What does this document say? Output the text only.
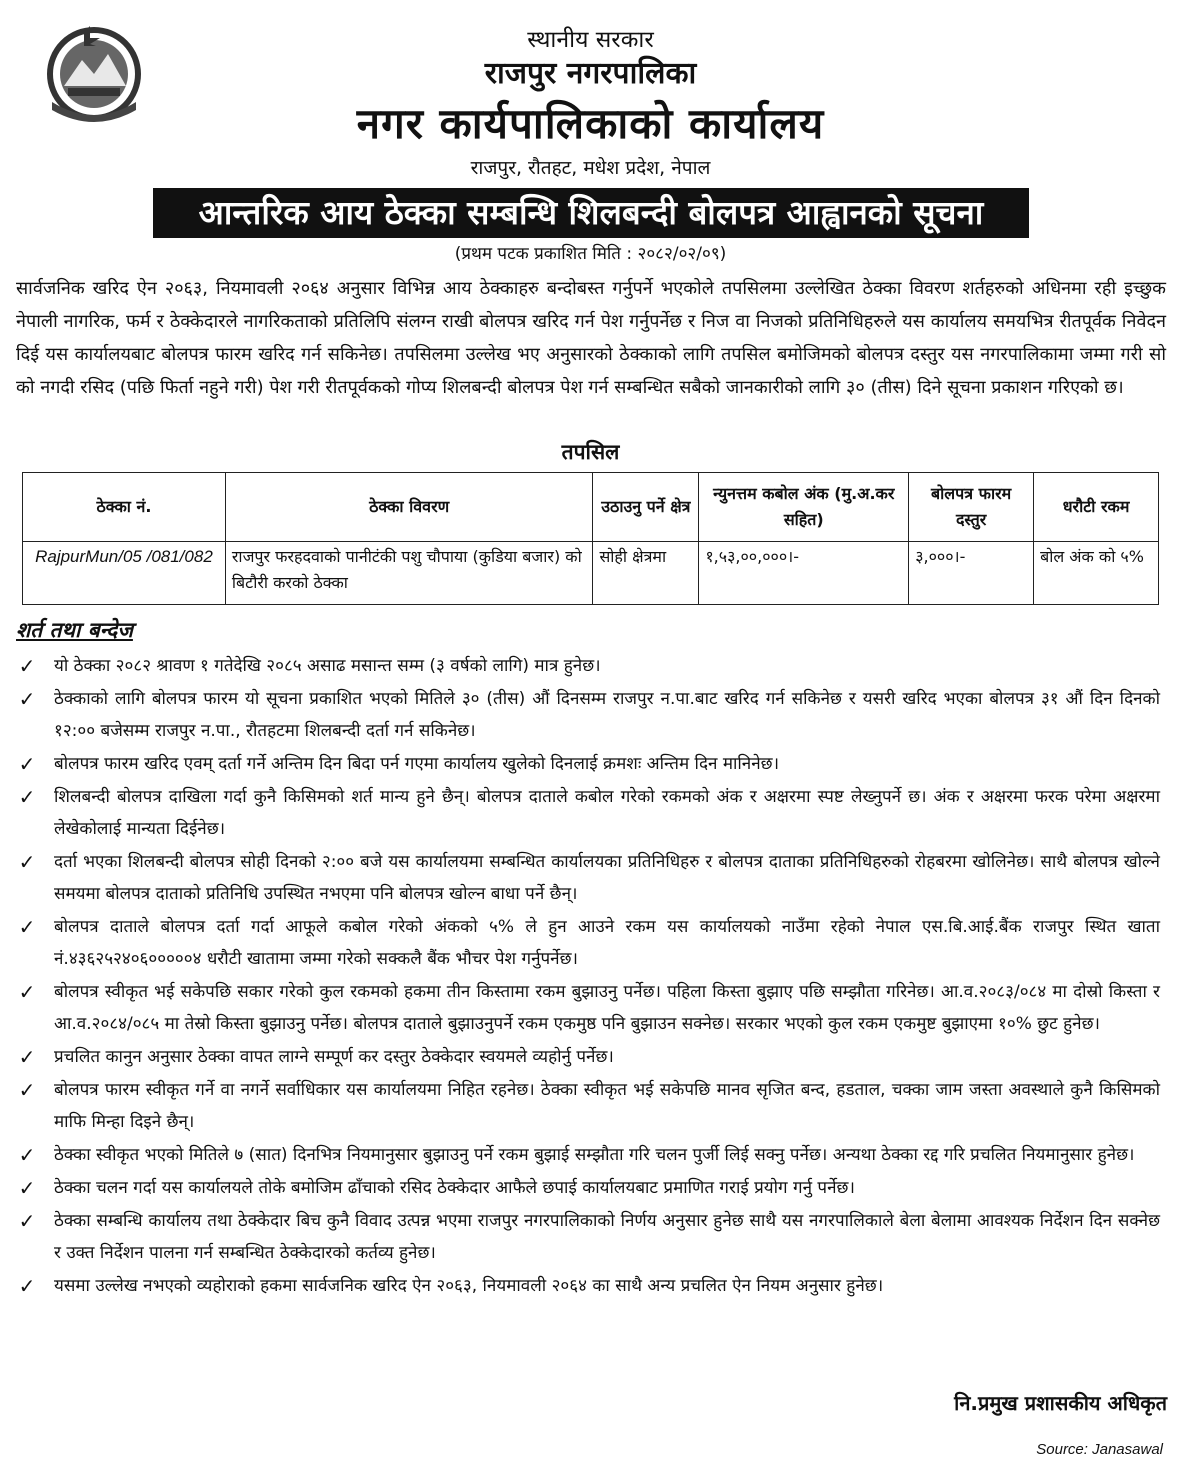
स्थानीय सरकार
राजपुर नगरपालिका
नगर कार्यपालिकाको कार्यालय
राजपुर, रौतहट, मधेश प्रदेश, नेपाल
आन्तरिक आय ठेक्का सम्बन्धि शिलबन्दी बोलपत्र आह्वानको सूचना
(प्रथम पटक प्रकाशित मिति : २०८२/०२/०९)

सार्वजनिक खरिद ऐन २०६३, नियमावली २०६४ अनुसार विभिन्न आय ठेक्काहरु बन्दोबस्त गर्नुपर्ने भएकोले तपसिलमा उल्लेखित ठेक्का विवरण शर्तहरुको अधिनमा रही इच्छुक नेपाली नागरिक, फर्म र ठेक्केदारले नागरिकताको प्रतिलिपि संलग्न राखी बोलपत्र खरिद गर्न पेश गर्नुपर्नेछ र निज वा निजको प्रतिनिधिहरुले यस कार्यालय समयभित्र रीतपूर्वक निवेदन दिई यस कार्यालयबाट बोलपत्र फारम खरिद गर्न सकिनेछ। तपसिलमा उल्लेख भए अनुसारको ठेक्काको लागि तपसिल बमोजिमको बोलपत्र दस्तुर यस नगरपालिकामा जम्मा गरी सो को नगदी रसिद (पछि फिर्ता नहुने गरी) पेश गरी रीतपूर्वकको गोप्य शिलबन्दी बोलपत्र पेश गर्न सम्बन्धित सबैको जानकारीको लागि ३० (तीस) दिने सूचना प्रकाशन गरिएको छ।

तपसिल
ठेक्का नं.	ठेक्का विवरण	उठाउनु पर्ने क्षेत्र	न्युनत्तम कबोल अंक (मु.अ.कर सहित)	बोलपत्र फारम दस्तुर	धरौटी रकम
RajpurMun/05 /081/082	राजपुर फरहदवाको पानीटंकी पशु चौपाया (कुडिया बजार) को बिटौरी करको ठेक्का	सोही क्षेत्रमा	१,५३,००,०००।-	३,०००।-	बोल अंक को ५%
शर्त तथा बन्देज
✓ यो ठेक्का २०८२ श्रावण १ गतेदेखि २०८५ असाढ मसान्त सम्म (३ वर्षको लागि) मात्र हुनेछ।
✓ ठेक्काको लागि बोलपत्र फारम यो सूचना प्रकाशित भएको मितिले ३० (तीस) औं दिनसम्म राजपुर न.पा.बाट खरिद गर्न सकिनेछ र यसरी खरिद भएका बोलपत्र ३१ औं दिन दिनको १२:०० बजेसम्म राजपुर न.पा., रौतहटमा शिलबन्दी दर्ता गर्न सकिनेछ।
✓ बोलपत्र फारम खरिद एवम् दर्ता गर्ने अन्तिम दिन बिदा पर्न गएमा कार्यालय खुलेको दिनलाई क्रमशः अन्तिम दिन मानिनेछ।
✓ शिलबन्दी बोलपत्र दाखिला गर्दा कुनै किसिमको शर्त मान्य हुने छैन्। बोलपत्र दाताले कबोल गरेको रकमको अंक र अक्षरमा स्पष्ट लेख्नुपर्ने छ। अंक र अक्षरमा फरक परेमा अक्षरमा लेखेकोलाई मान्यता दिईनेछ।
✓ दर्ता भएका शिलबन्दी बोलपत्र सोही दिनको २:०० बजे यस कार्यालयमा सम्बन्धित कार्यालयका प्रतिनिधिहरु र बोलपत्र दाताका प्रतिनिधिहरुको रोहबरमा खोलिनेछ। साथै बोलपत्र खोल्ने समयमा बोलपत्र दाताको प्रतिनिधि उपस्थित नभएमा पनि बोलपत्र खोल्न बाधा पर्ने छैन्।
✓ बोलपत्र दाताले बोलपत्र दर्ता गर्दा आफूले कबोल गरेको अंकको ५% ले हुन आउने रकम यस कार्यालयको नाउँमा रहेको नेपाल एस.बि.आई.बैंक राजपुर स्थित खाता नं.४३६२५२४०६०००००४ धरौटी खातामा जम्मा गरेको सक्कलै बैंक भौचर पेश गर्नुपर्नेछ।
✓ बोलपत्र स्वीकृत भई सकेपछि सकार गरेको कुल रकमको हकमा तीन किस्तामा रकम बुझाउनु पर्नेछ। पहिला किस्ता बुझाए पछि सम्झौता गरिनेछ। आ.व.२०८३/०८४ मा दोस्रो किस्ता र आ.व.२०८४/०८५ मा तेस्रो किस्ता बुझाउनु पर्नेछ। बोलपत्र दाताले बुझाउनुपर्ने रकम एकमुष्ठ पनि बुझाउन सक्नेछ। सरकार भएको कुल रकम एकमुष्ट बुझाएमा १०% छुट हुनेछ।
✓ प्रचलित कानुन अनुसार ठेक्का वापत लाग्ने सम्पूर्ण कर दस्तुर ठेक्केदार स्वयमले व्यहोर्नु पर्नेछ।
✓ बोलपत्र फारम स्वीकृत गर्ने वा नगर्ने सर्वाधिकार यस कार्यालयमा निहित रहनेछ। ठेक्का स्वीकृत भई सकेपछि मानव सृजित बन्द, हडताल, चक्का जाम जस्ता अवस्थाले कुनै किसिमको माफि मिन्हा दिइने छैन्।
✓ ठेक्का स्वीकृत भएको मितिले ७ (सात) दिनभित्र नियमानुसार बुझाउनु पर्ने रकम बुझाई सम्झौता गरि चलन पुर्जी लिई सक्नु पर्नेछ। अन्यथा ठेक्का रद्द गरि प्रचलित नियमानुसार हुनेछ।
✓ ठेक्का चलन गर्दा यस कार्यालयले तोके बमोजिम ढाँचाको रसिद ठेक्केदार आफैले छपाई कार्यालयबाट प्रमाणित गराई प्रयोग गर्नु पर्नेछ।
✓ ठेक्का सम्बन्धि कार्यालय तथा ठेक्केदार बिच कुनै विवाद उत्पन्न भएमा राजपुर नगरपालिकाको निर्णय अनुसार हुनेछ साथै यस नगरपालिकाले बेला बेलामा आवश्यक निर्देशन दिन सक्नेछ र उक्त निर्देशन पालना गर्न सम्बन्धित ठेक्केदारको कर्तव्य हुनेछ।
✓ यसमा उल्लेख नभएको व्यहोराको हकमा सार्वजनिक खरिद ऐन २०६३, नियमावली २०६४ का साथै अन्य प्रचलित ऐन नियम अनुसार हुनेछ।
नि.प्रमुख प्रशासकीय अधिकृत
Source: Janasawal
